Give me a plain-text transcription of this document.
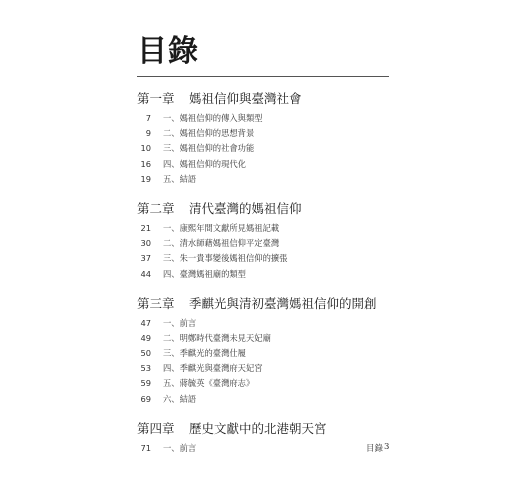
目錄
第一章	媽祖信仰與臺灣社會
7 一、媽祖信仰的傳入與類型
9 二、媽祖信仰的思想背景
10 三、媽祖信仰的社會功能
16 四、媽祖信仰的現代化
19 五、結語
第二章	清代臺灣的媽祖信仰
21 一、康熙年間文獻所見媽祖記載
30 二、清水師藉媽祖信仰平定臺灣
37 三、朱一貴事變後媽祖信仰的擴張
44 四、臺灣媽祖廟的類型
第三章	季麒光與清初臺灣媽祖信仰的開創
47 一、前言
49 二、明鄭時代臺灣未見天妃廟
50 三、季麒光的臺灣仕履
53 四、季麒光與臺灣府天妃宮
59 五、蔣毓英《臺灣府志》
69 六、結語
第四章	歷史文獻中的北港朝天宮
71 一、前言	目錄 3
